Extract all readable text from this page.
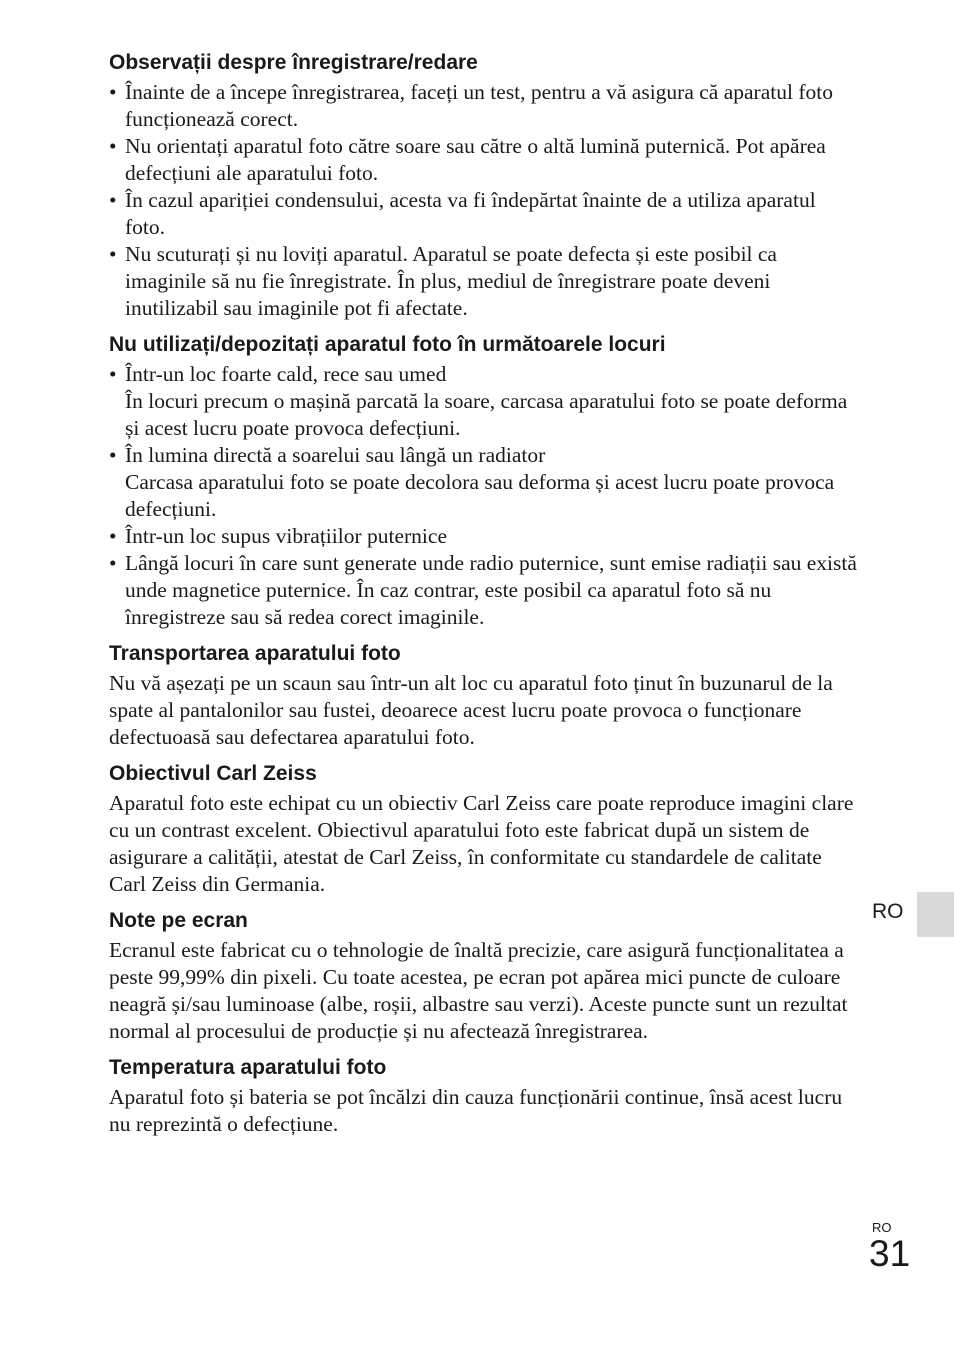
Observații despre înregistrare/redare
• Înainte de a începe înregistrarea, faceți un test, pentru a vă asigura că aparatul foto funcționează corect.
• Nu orientați aparatul foto către soare sau către o altă lumină puternică. Pot apărea defecțiuni ale aparatului foto.
• În cazul apariției condensului, acesta va fi îndepărtat înainte de a utiliza aparatul foto.
• Nu scuturați și nu loviți aparatul. Aparatul se poate defecta și este posibil ca imaginile să nu fie înregistrate. În plus, mediul de înregistrare poate deveni inutilizabil sau imaginile pot fi afectate.
Nu utilizați/depozitați aparatul foto în următoarele locuri
• Într-un loc foarte cald, rece sau umed
În locuri precum o mașină parcată la soare, carcasa aparatului foto se poate deforma și acest lucru poate provoca defecțiuni.
• În lumina directă a soarelui sau lângă un radiator
Carcasa aparatului foto se poate decolora sau deforma și acest lucru poate provoca defecțiuni.
• Într-un loc supus vibrațiilor puternice
• Lângă locuri în care sunt generate unde radio puternice, sunt emise radiații sau există unde magnetice puternice. În caz contrar, este posibil ca aparatul foto să nu înregistreze sau să redea corect imaginile.
Transportarea aparatului foto

Nu vă așezați pe un scaun sau într-un alt loc cu aparatul foto ținut în buzunarul de la spate al pantalonilor sau fustei, deoarece acest lucru poate provoca o funcționare defectuoasă sau defectarea aparatului foto.

Obiectivul Carl Zeiss

Aparatul foto este echipat cu un obiectiv Carl Zeiss care poate reproduce imagini clare cu un contrast excelent. Obiectivul aparatului foto este fabricat după un sistem de asigurare a calității, atestat de Carl Zeiss, în conformitate cu standardele de calitate Carl Zeiss din Germania.

Note pe ecran

Ecranul este fabricat cu o tehnologie de înaltă precizie, care asigură funcționalitatea a peste 99,99% din pixeli. Cu toate acestea, pe ecran pot apărea mici puncte de culoare neagră și/sau luminoase (albe, roșii, albastre sau verzi). Aceste puncte sunt un rezultat normal al procesului de producție și nu afectează înregistrarea.

Temperatura aparatului foto

Aparatul foto și bateria se pot încălzi din cauza funcționării continue, însă acest lucru nu reprezintă o defecțiune.

RO
RO
31
